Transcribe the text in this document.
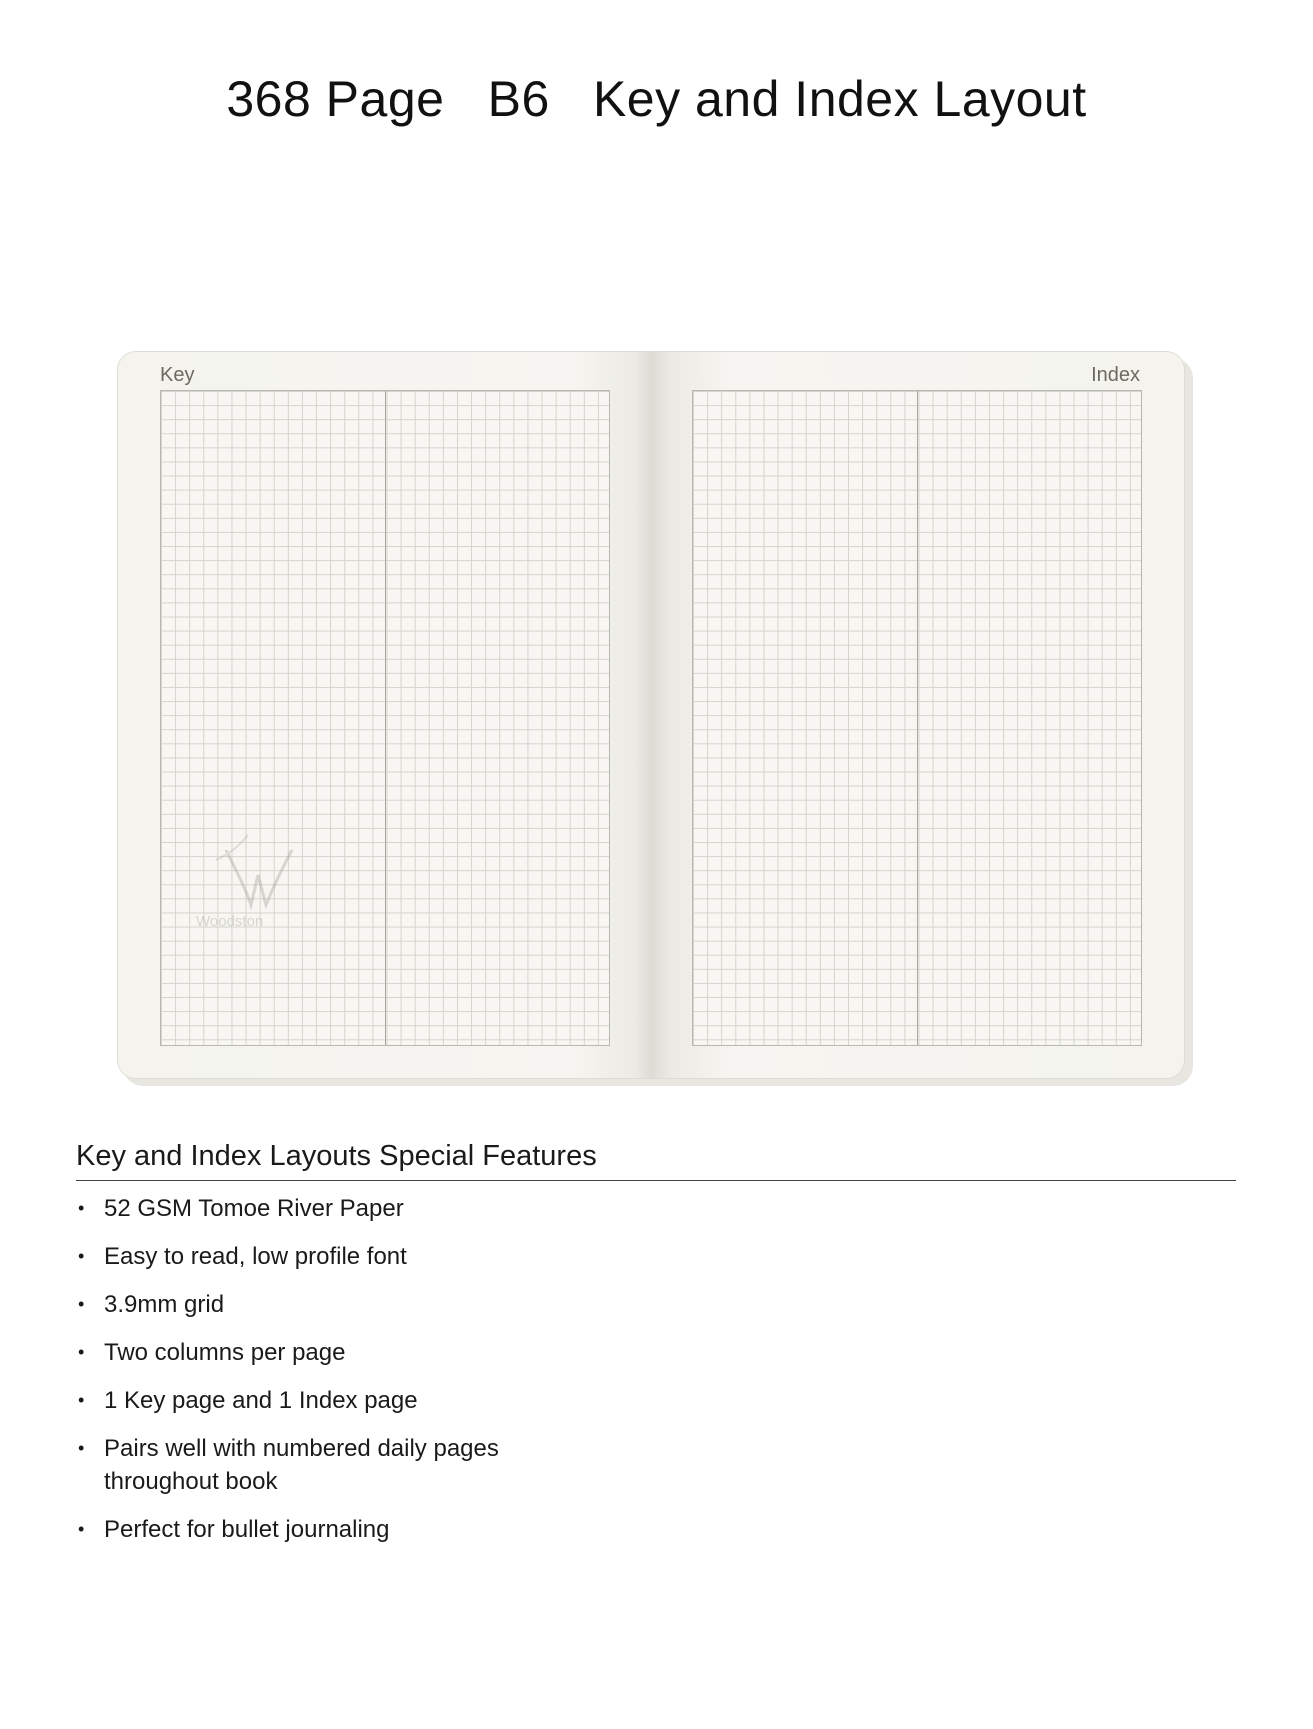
368 Page   B6   Key and Index Layout
Key
Woodston
Index
Key and Index Layouts Special Features
• 52 GSM Tomoe River Paper
• Easy to read, low profile font
• 3.9mm grid
• Two columns per page
• 1 Key page and 1 Index page
• Pairs well with numbered daily pages throughout book
• Perfect for bullet journaling
